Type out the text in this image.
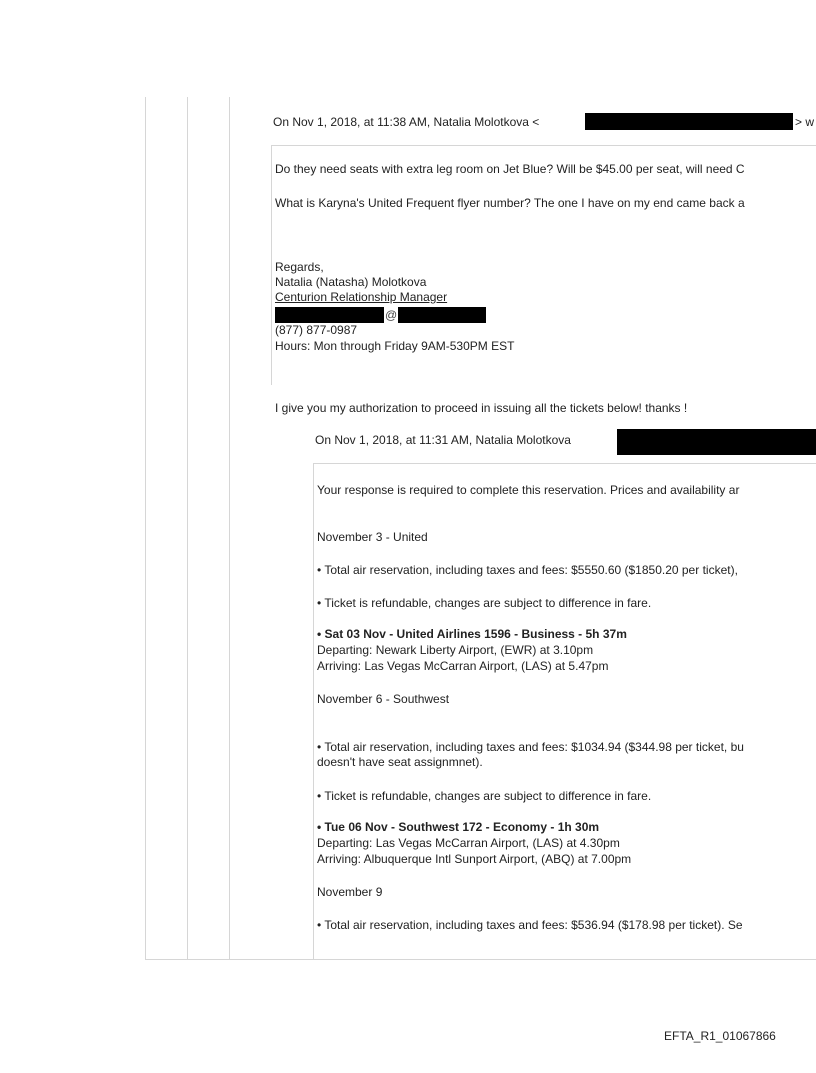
On Nov 1, 2018, at 11:38 AM, Natalia Molotkova <	> w
Do they need seats with extra leg room on Jet Blue? Will be $45.00 per seat, will need C
What is Karyna's United Frequent flyer number? The one I have on my end came back a
Regards,
Natalia (Natasha) Molotkova
Centurion Relationship Manager
@
(877) 877-0987
Hours: Mon through Friday 9AM-530PM EST
I give you my authorization to proceed in issuing all the tickets below! thanks !
On Nov 1, 2018, at 11:31 AM, Natalia Molotkova
Your response is required to complete this reservation. Prices and availability ar
November 3 - United
• Total air reservation, including taxes and fees: $5550.60 ($1850.20 per ticket),
• Ticket is refundable, changes are subject to difference in fare.
• Sat 03 Nov - United Airlines 1596 - Business - 5h 37m
Departing: Newark Liberty Airport, (EWR) at 3.10pm
Arriving: Las Vegas McCarran Airport, (LAS) at 5.47pm
November 6 - Southwest
• Total air reservation, including taxes and fees: $1034.94 ($344.98 per ticket, bu
doesn't have seat assignmnet).
• Ticket is refundable, changes are subject to difference in fare.
• Tue 06 Nov - Southwest 172 - Economy - 1h 30m
Departing: Las Vegas McCarran Airport, (LAS) at 4.30pm
Arriving: Albuquerque Intl Sunport Airport, (ABQ) at 7.00pm
November 9
• Total air reservation, including taxes and fees: $536.94 ($178.98 per ticket). Se
EFTA_R1_01067866
